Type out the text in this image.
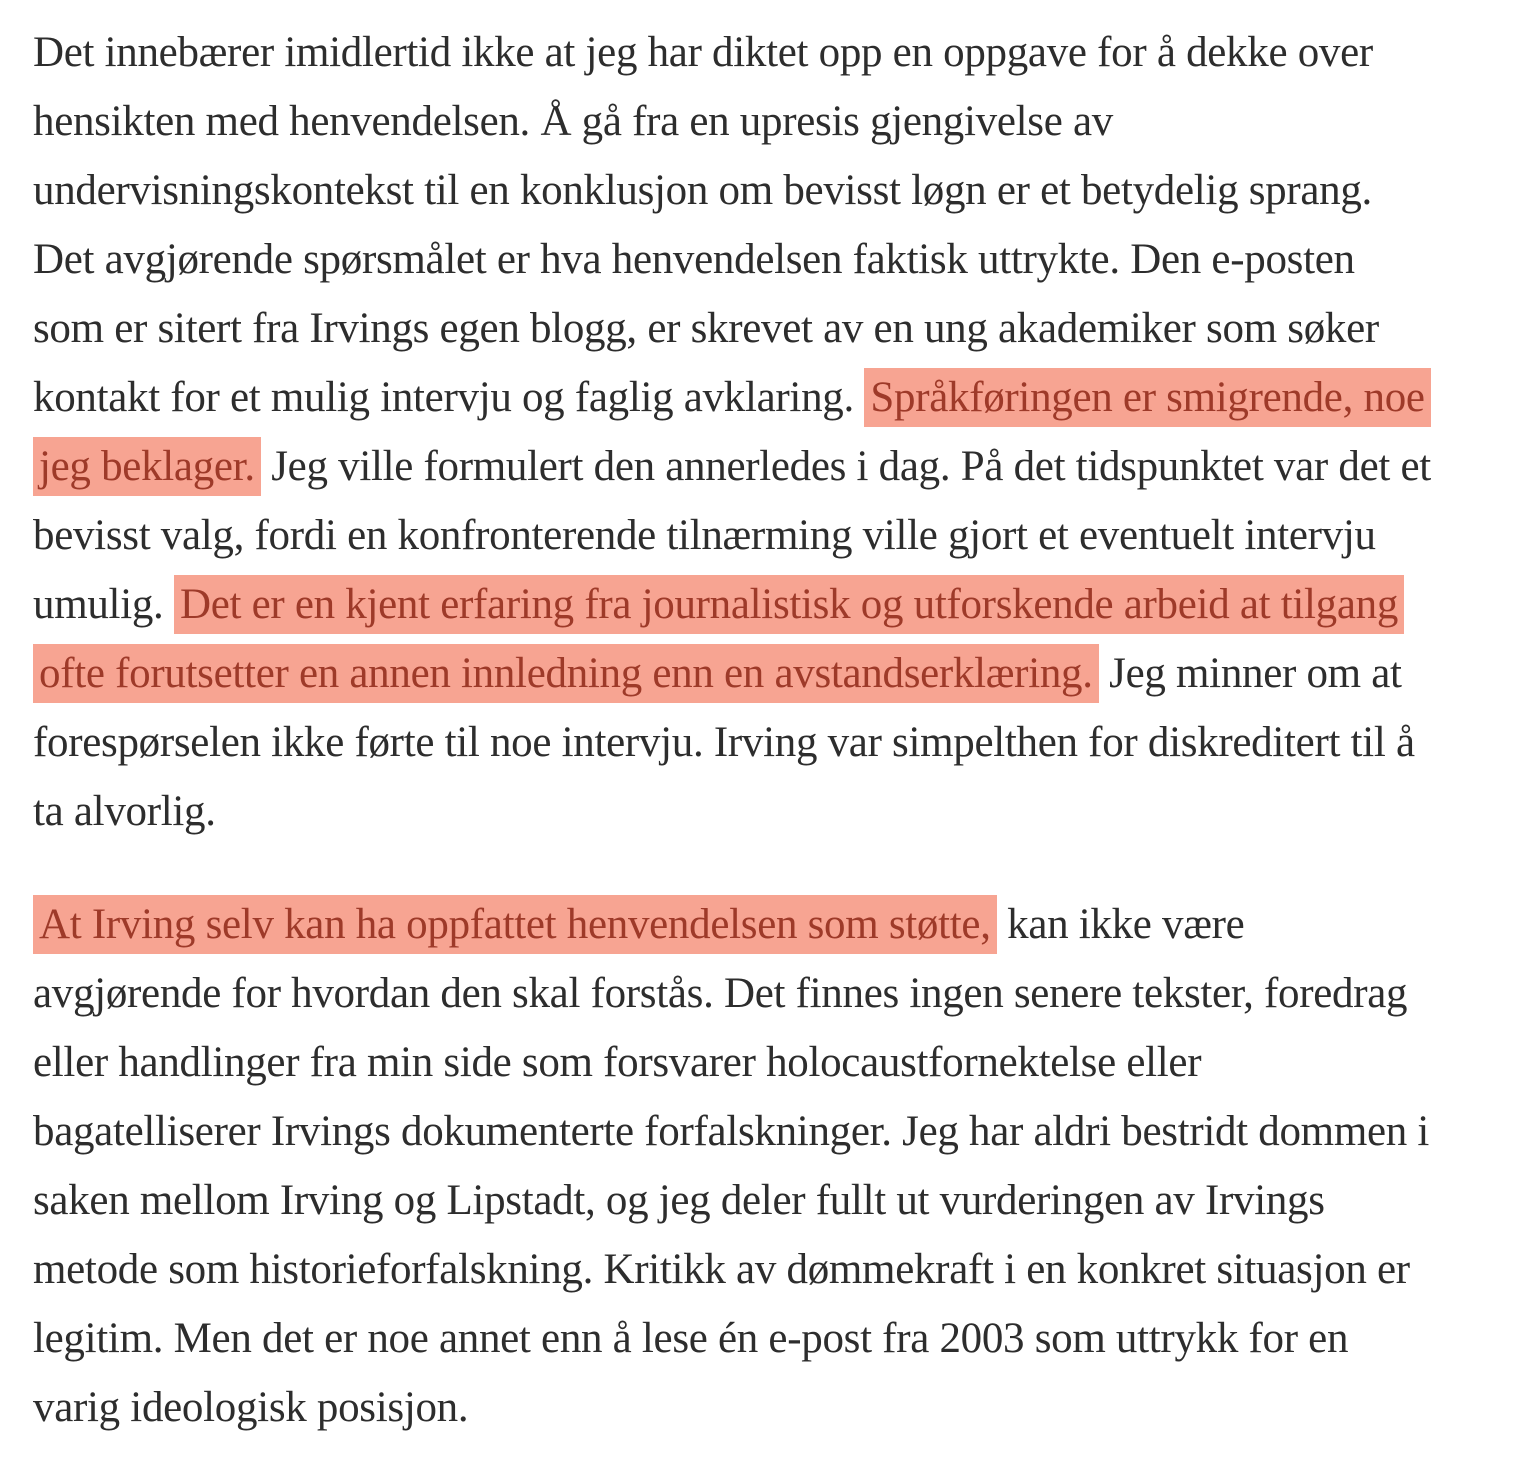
Det innebærer imidlertid ikke at jeg har diktet opp en oppgave for å dekke over hensikten med henvendelsen. Å gå fra en upresis gjengivelse av undervisningskontekst til en konklusjon om bevisst løgn er et betydelig sprang. Det avgjørende spørsmålet er hva henvendelsen faktisk uttrykte. Den e-posten som er sitert fra Irvings egen blogg, er skrevet av en ung akademiker som søker kontakt for et mulig intervju og faglig avklaring. Språkføringen er smigrende, noe jeg beklager. Jeg ville formulert den annerledes i dag. På det tidspunktet var det et bevisst valg, fordi en konfronterende tilnærming ville gjort et eventuelt intervju umulig. Det er en kjent erfaring fra journalistisk og utforskende arbeid at tilgang ofte forutsetter en annen innledning enn en avstandserklæring. Jeg minner om at forespørselen ikke førte til noe intervju. Irving var simpelthen for diskreditert til å ta alvorlig.

At Irving selv kan ha oppfattet henvendelsen som støtte, kan ikke være avgjørende for hvordan den skal forstås. Det finnes ingen senere tekster, foredrag eller handlinger fra min side som forsvarer holocaustfornektelse eller bagatelliserer Irvings dokumenterte forfalskninger. Jeg har aldri bestridt dommen i saken mellom Irving og Lipstadt, og jeg deler fullt ut vurderingen av Irvings metode som historieforfalskning. Kritikk av dømmekraft i en konkret situasjon er legitim. Men det er noe annet enn å lese én e-post fra 2003 som uttrykk for en varig ideologisk posisjon.
